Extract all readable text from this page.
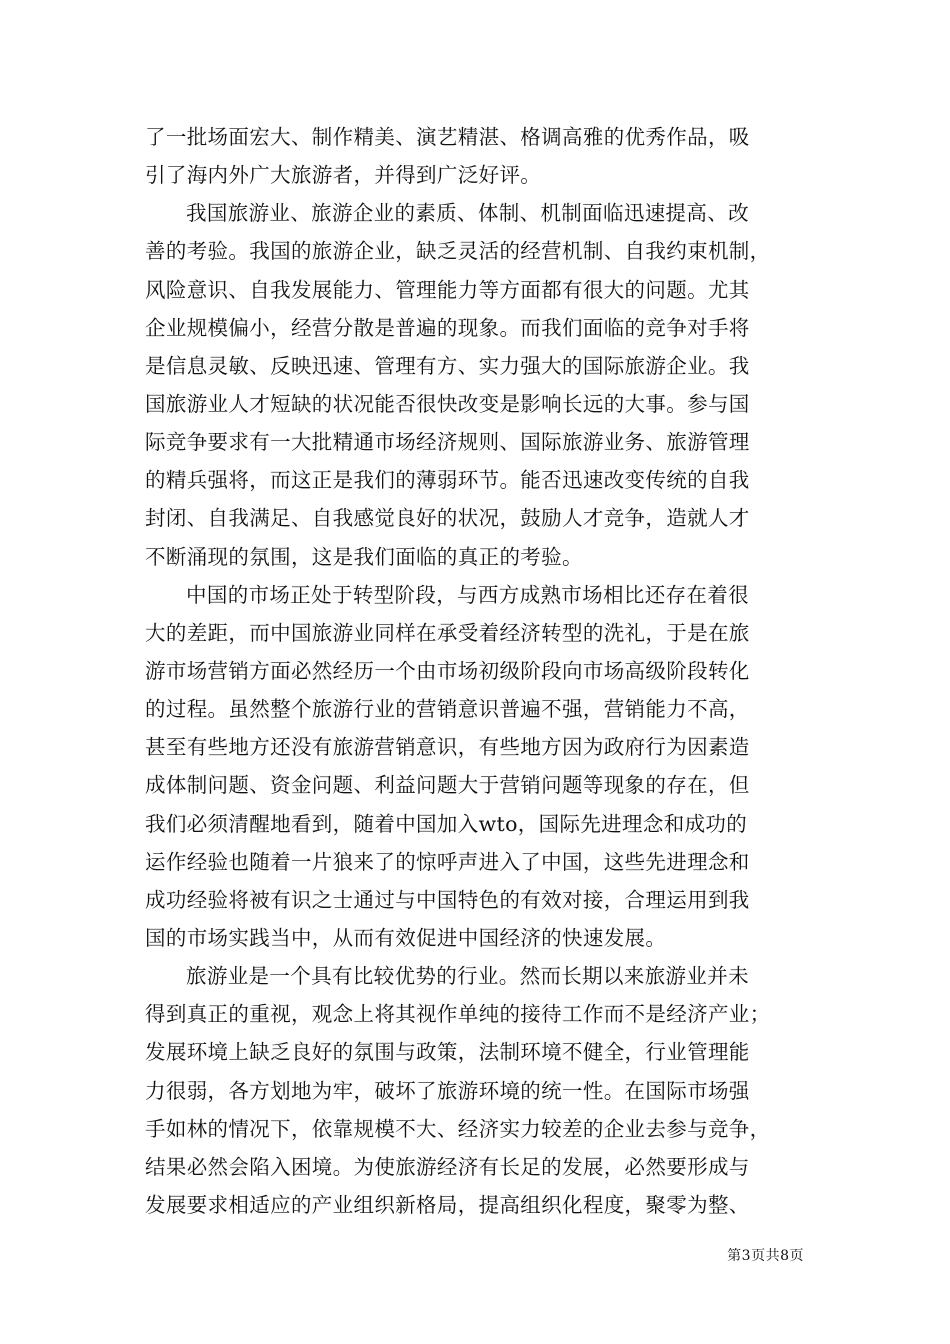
了一批场面宏大、制作精美、演艺精湛、格调高雅的优秀作品，吸
引了海内外广大旅游者，并得到广泛好评。
我国旅游业、旅游企业的素质、体制、机制面临迅速提高、改
善的考验。我国的旅游企业，缺乏灵活的经营机制、自我约束机制，
风险意识、自我发展能力、管理能力等方面都有很大的问题。尤其
企业规模偏小，经营分散是普遍的现象。而我们面临的竞争对手将
是信息灵敏、反映迅速、管理有方、实力强大的国际旅游企业。我
国旅游业人才短缺的状况能否很快改变是影响长远的大事。参与国
际竞争要求有一大批精通市场经济规则、国际旅游业务、旅游管理
的精兵强将，而这正是我们的薄弱环节。能否迅速改变传统的自我
封闭、自我满足、自我感觉良好的状况，鼓励人才竞争，造就人才
不断涌现的氛围，这是我们面临的真正的考验。
中国的市场正处于转型阶段，与西方成熟市场相比还存在着很
大的差距，而中国旅游业同样在承受着经济转型的洗礼，于是在旅
游市场营销方面必然经历一个由市场初级阶段向市场高级阶段转化
的过程。虽然整个旅游行业的营销意识普遍不强，营销能力不高，
甚至有些地方还没有旅游营销意识，有些地方因为政府行为因素造
成体制问题、资金问题、利益问题大于营销问题等现象的存在，但
我们必须清醒地看到，随着中国加入wto，国际先进理念和成功的
运作经验也随着一片狼来了的惊呼声进入了中国，这些先进理念和
成功经验将被有识之士通过与中国特色的有效对接，合理运用到我
国的市场实践当中，从而有效促进中国经济的快速发展。
旅游业是一个具有比较优势的行业。然而长期以来旅游业并未
得到真正的重视，观念上将其视作单纯的接待工作而不是经济产业；
发展环境上缺乏良好的氛围与政策，法制环境不健全，行业管理能
力很弱，各方划地为牢，破坏了旅游环境的统一性。在国际市场强
手如林的情况下，依靠规模不大、经济实力较差的企业去参与竞争，
结果必然会陷入困境。为使旅游经济有长足的发展，必然要形成与
发展要求相适应的产业组织新格局，提高组织化程度，聚零为整、
第3页共8页
